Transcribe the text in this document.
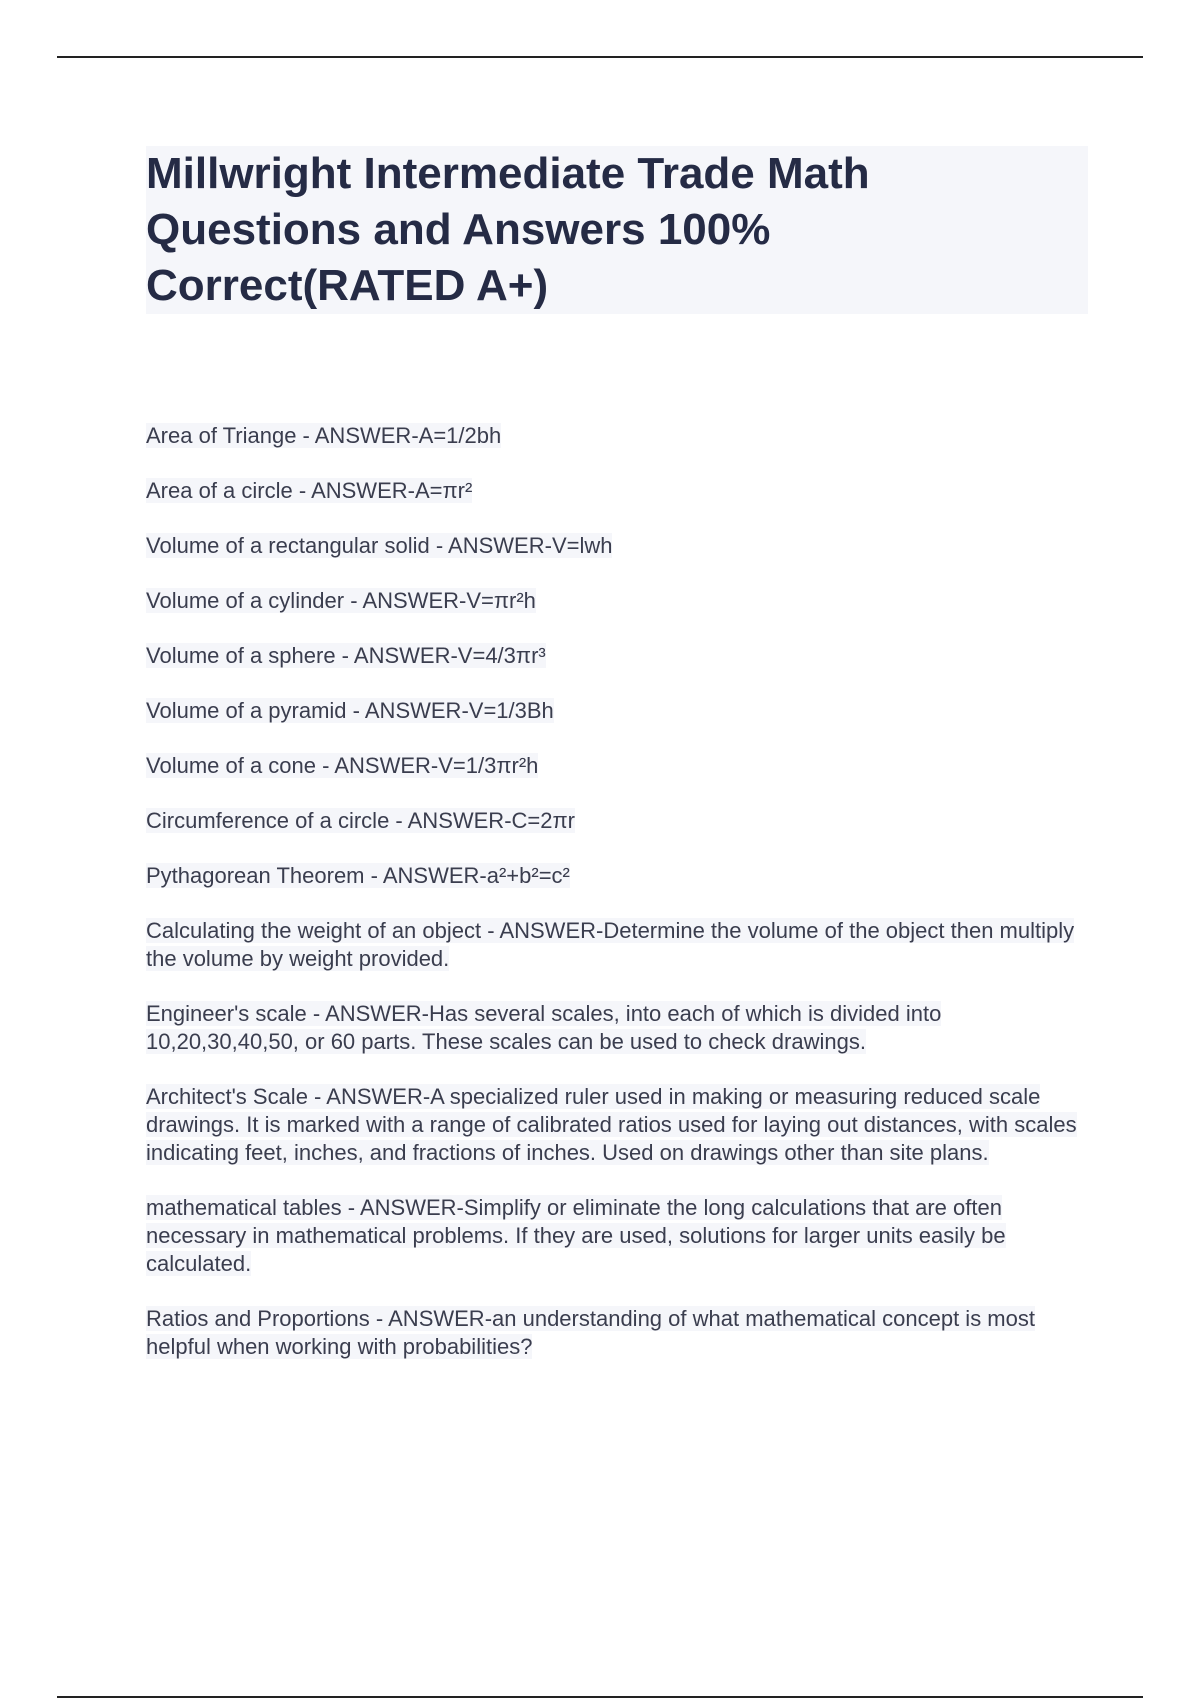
Millwright Intermediate Trade Math Questions and Answers 100% Correct(RATED A+)

Area of Triange - ANSWER-A=1/2bh

Area of a circle - ANSWER-A=πr²

Volume of a rectangular solid - ANSWER-V=lwh

Volume of a cylinder - ANSWER-V=πr²h

Volume of a sphere - ANSWER-V=4/3πr³

Volume of a pyramid - ANSWER-V=1/3Bh

Volume of a cone - ANSWER-V=1/3πr²h

Circumference of a circle - ANSWER-C=2πr

Pythagorean Theorem - ANSWER-a²+b²=c²

Calculating the weight of an object - ANSWER-Determine the volume of the object then multiply the volume by weight provided.

Engineer's scale - ANSWER-Has several scales, into each of which is divided into 10,20,30,40,50, or 60 parts. These scales can be used to check drawings.

Architect's Scale - ANSWER-A specialized ruler used in making or measuring reduced scale drawings. It is marked with a range of calibrated ratios used for laying out distances, with scales indicating feet, inches, and fractions of inches. Used on drawings other than site plans.

mathematical tables - ANSWER-Simplify or eliminate the long calculations that are often necessary in mathematical problems. If they are used, solutions for larger units easily be calculated.

Ratios and Proportions - ANSWER-an understanding of what mathematical concept is most helpful when working with probabilities?
